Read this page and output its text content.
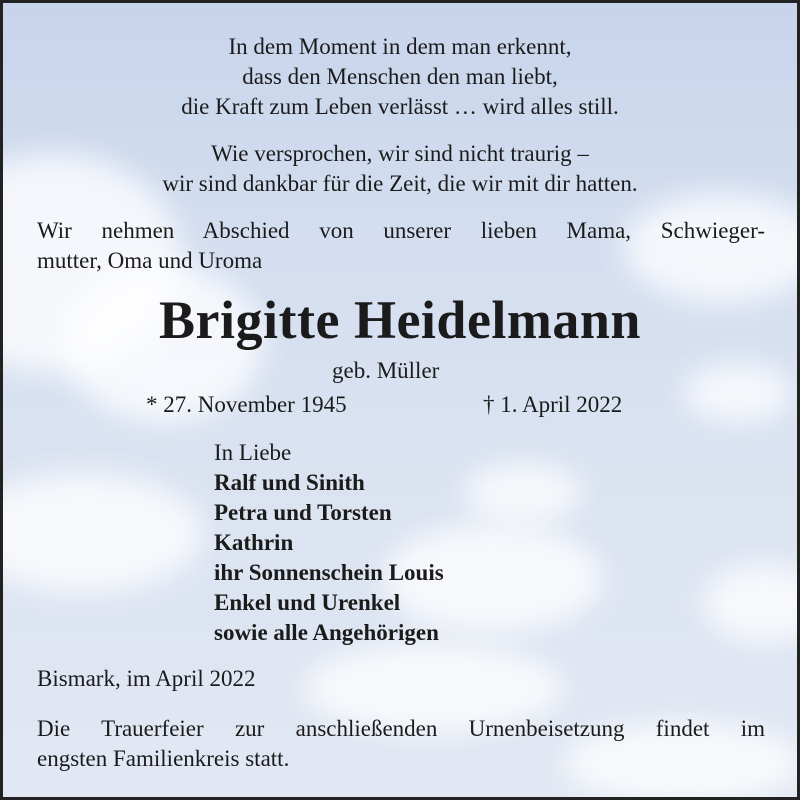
In dem Moment in dem man erkennt,
dass den Menschen den man liebt,
die Kraft zum Leben verlässt … wird alles still.
Wie versprochen, wir sind nicht traurig –
wir sind dankbar für die Zeit, die wir mit dir hatten.
Wir nehmen Abschied von unserer lieben Mama, Schwieger-
mutter, Oma und Uroma
Brigitte Heidelmann
geb. Müller
* 27. November 1945	† 1. April 2022
In Liebe
Ralf und Sinith
Petra und Torsten
Kathrin
ihr Sonnenschein Louis
Enkel und Urenkel
sowie alle Angehörigen
Bismark, im April 2022
Die Trauerfeier zur anschließenden Urnenbeisetzung findet im
engsten Familienkreis statt.
